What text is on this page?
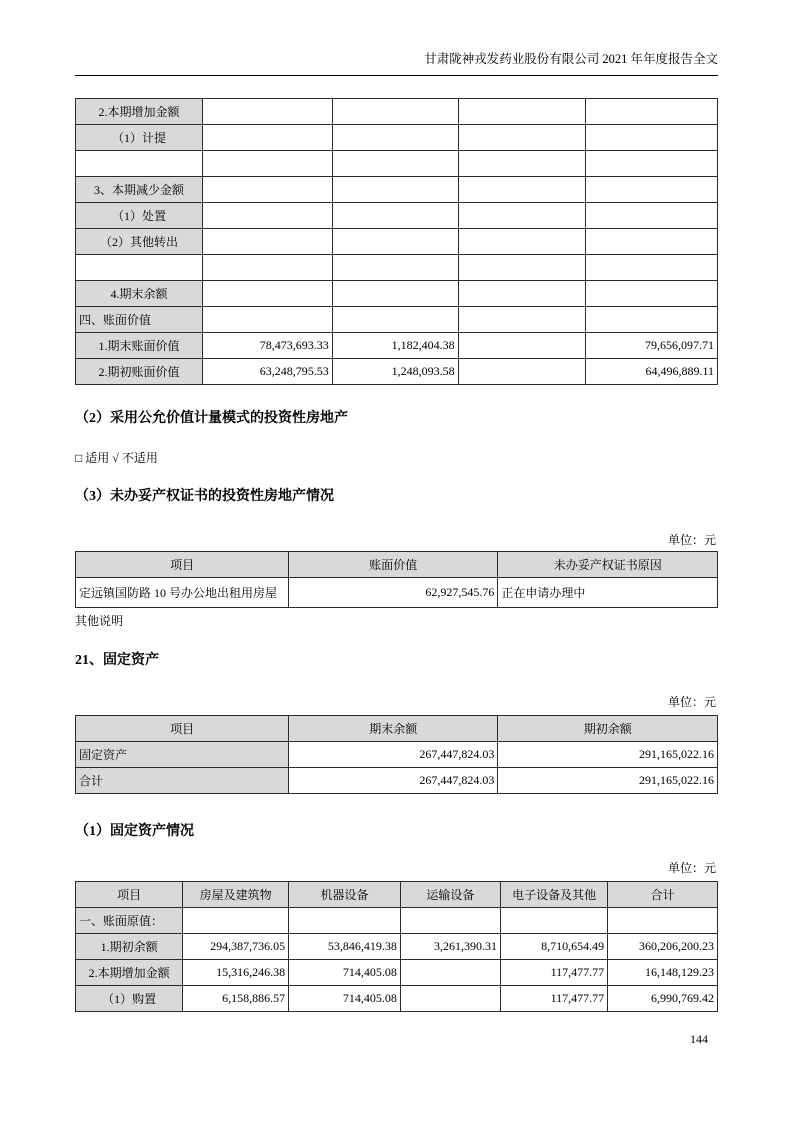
甘肃陇神戎发药业股份有限公司 2021 年年度报告全文
2.本期增加金额				
（1）计提				

3、本期减少金额				
（1）处置				
（2）其他转出				

4.期末余额				
四、账面价值				
1.期末账面价值	78,473,693.33	1,182,404.38		79,656,097.71
2.期初账面价值	63,248,795.53	1,248,093.58		64,496,889.11
（2）采用公允价值计量模式的投资性房地产

□ 适用 √ 不适用

（3）未办妥产权证书的投资性房地产情况
单位：元
项目	账面价值	未办妥产权证书原因
定远镇国防路 10 号办公地出租用房屋	62,927,545.76	正在申请办理中

其他说明

21、固定资产
单位：元
项目	期末余额	期初余额
固定资产	267,447,824.03	291,165,022.16
合计	267,447,824.03	291,165,022.16
（1）固定资产情况
单位：元
项目	房屋及建筑物	机器设备	运输设备	电子设备及其他	合计
一、账面原值：					
1.期初余额	294,387,736.05	53,846,419.38	3,261,390.31	8,710,654.49	360,206,200.23
2.本期增加金额	15,316,246.38	714,405.08		117,477.77	16,148,129.23
（1）购置	6,158,886.57	714,405.08		117,477.77	6,990,769.42
144
